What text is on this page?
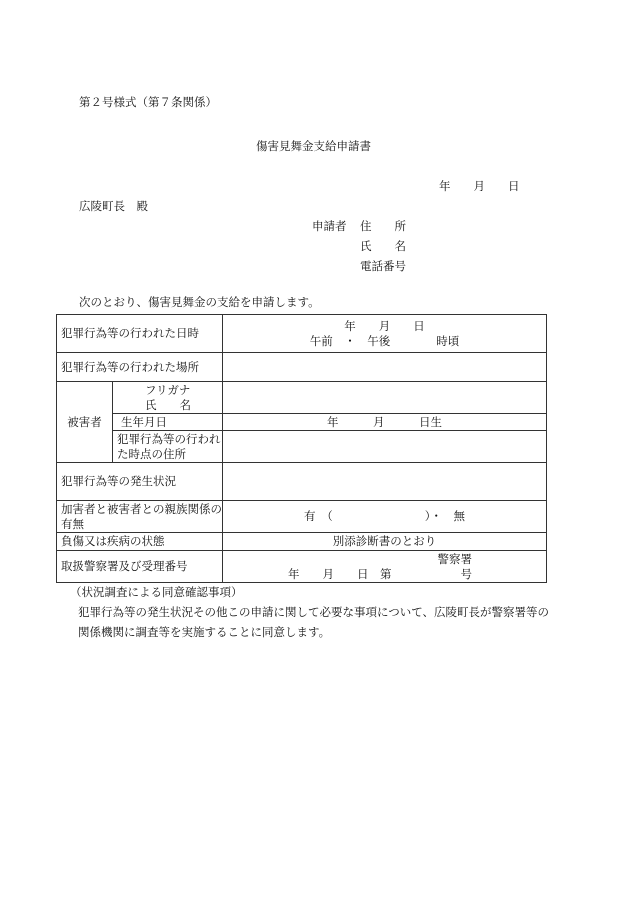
第２号様式（第７条関係）
傷害見舞金支給申請書
年　　月　　日
広陵町長　殿
申請者 住　　所
氏　　名
電話番号
次のとおり、傷害見舞金の支給を申請します。
犯罪行為等の行われた日時		年　　月　　日
午前　・　午後　　　　時頃

犯罪行為等の行われた場所		
被害者	フリガナ
氏　　名	

	生年月日	年　　　月　　　日生
	犯罪行為等の行われた時点の住所	
犯罪行為等の発生状況		
加害者と被害者との親族関係の有無		有　（　　　　　　　　）・　無
負傷又は疾病の状態		別添診断書のとおり
取扱警察署及び受理番号		警察署
年　　月　　日　第　　　　　　号
（状況調査による同意確認事項）
犯罪行為等の発生状況その他この申請に関して必要な事項について、広陵町長が警察署等の関係機関に調査等を実施することに同意します。
